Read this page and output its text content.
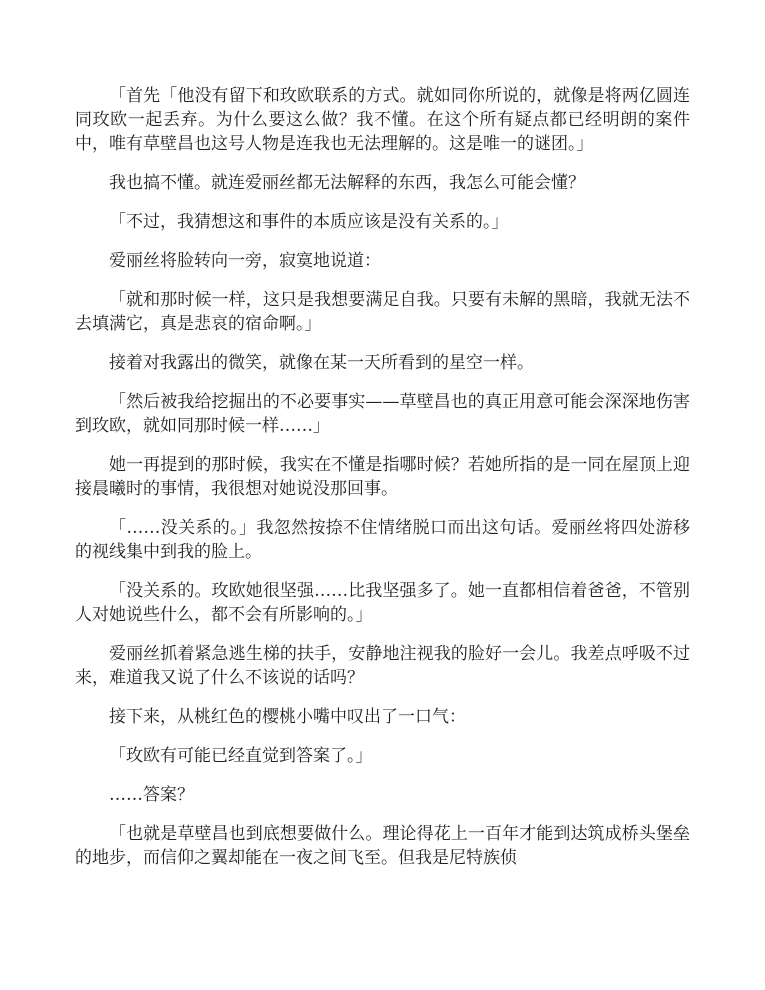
「首先「他没有留下和玫欧联系的方式。就如同你所说的，就像是将两亿圆连同玫欧一起丢弃。为什么要这么做？我不懂。在这个所有疑点都已经明朗的案件中，唯有草壁昌也这号人物是连我也无法理解的。这是唯一的谜团。」

我也搞不懂。就连爱丽丝都无法解释的东西，我怎么可能会懂？

「不过，我猜想这和事件的本质应该是没有关系的。」

爱丽丝将脸转向一旁，寂寞地说道：

「就和那时候一样，这只是我想要满足自我。只要有未解的黑暗，我就无法不去填满它，真是悲哀的宿命啊。」

接着对我露出的微笑，就像在某一天所看到的星空一样。

「然后被我给挖掘出的不必要事实——草壁昌也的真正用意可能会深深地伤害到玫欧，就如同那时候一样……」

她一再提到的那时候，我实在不懂是指哪时候？若她所指的是一同在屋顶上迎接晨曦时的事情，我很想对她说没那回事。

「……没关系的。」我忽然按捺不住情绪脱口而出这句话。爱丽丝将四处游移的视线集中到我的脸上。

「没关系的。玫欧她很坚强……比我坚强多了。她一直都相信着爸爸，不管别人对她说些什么，都不会有所影响的。」

爱丽丝抓着紧急逃生梯的扶手，安静地注视我的脸好一会儿。我差点呼吸不过来，难道我又说了什么不该说的话吗？

接下来，从桃红色的樱桃小嘴中叹出了一口气：

「玫欧有可能已经直觉到答案了。」

……答案？

「也就是草壁昌也到底想要做什么。理论得花上一百年才能到达筑成桥头堡垒的地步，而信仰之翼却能在一夜之间飞至。但我是尼特族侦
